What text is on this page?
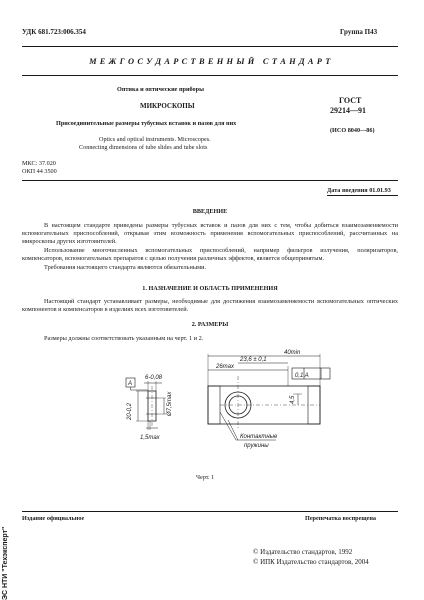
УДК 681.723:006.354	Группа П43
М Е Ж Г О С У Д А Р С Т В Е Н Н Ы Й   С Т А Н Д А Р Т
Оптика и оптические приборы
МИКРОСКОПЫ
Присоединительные размеры тубусных вставок и пазов для них
Optics and optical instruments. Microscopes.
Connecting dimensions of tube slides and tube slots
ГОСТ
29214—91
(ИСО 8040—86)
МКС: 37.020
ОКП 44 3500
Дата введения 01.01.93
ВВЕДЕНИЕ
В настоящем стандарте приведены размеры тубусных вставок и пазов для них с тем, чтобы добиться взаимозаменяемости вспомогательных приспособлений, открывая этим возможность применения вспомогательных приспособлений, рассчитанных на микроскопы других изготовителей.
Использование многочисленных вспомогательных приспособлений, например фильтров излучения, поляризаторов, компенсаторов, вспомогательных препаратов с целью получения различных эффектов, является общепринятым.
Требования настоящего стандарта являются обязательными.
1. НАЗНАЧЕНИЕ И ОБЛАСТЬ ПРИМЕНЕНИЯ
Настоящий стандарт устанавливает размеры, необходимые для достижения взаимозаменяемости вспомогательных оптических компонентов и компенсаторов в изделиях всех изготовителей.
2. РАЗМЕРЫ
Размеры должны соответствовать указанным на черт. 1 и 2.
A
6-0,08
20-0,2	Ø7,5max
1,5max
40min
26max
23,6 ± 0,1
0,1 A
4,5
Контактные
пружины
Черт. 1
Издание официальное	Перепечатка воспрещена
© Издательство стандартов, 1992
© ИПК Издательство стандартов, 2004
ЭС НТИ "Техэксперт"
